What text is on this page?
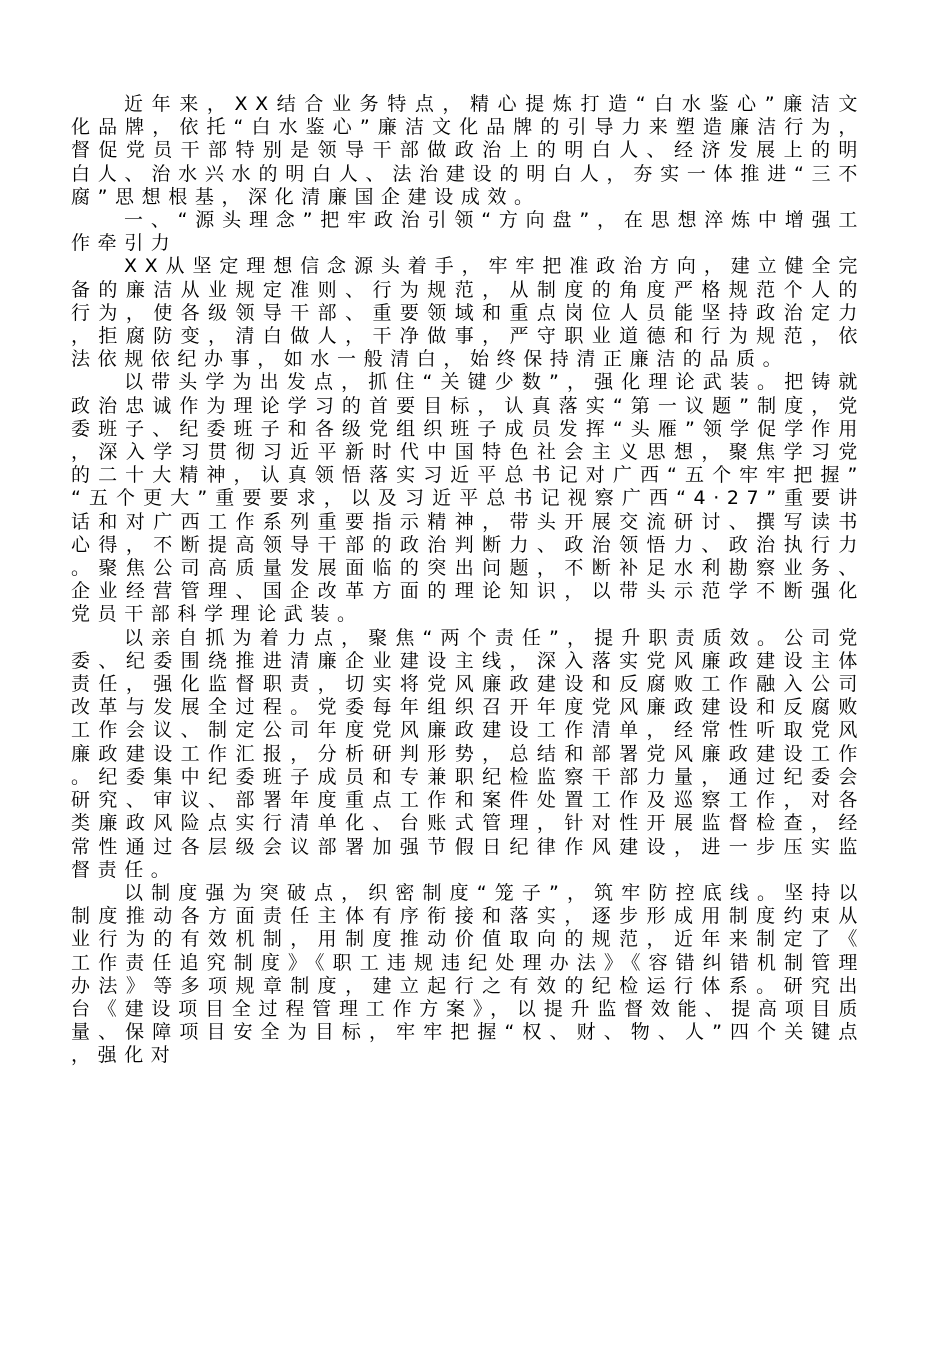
近年来，XX结合业务特点，精心提炼打造“白水鉴心”廉洁文化品牌，依托“白水鉴心”廉洁文化品牌的引导力来塑造廉洁行为，督促党员干部特别是领导干部做政治上的明白人、经济发展上的明白人、治水兴水的明白人、法治建设的明白人，夯实一体推进“三不腐”思想根基，深化清廉国企建设成效。

一、“源头理念”把牢政治引领“方向盘”，在思想淬炼中增强工作牵引力

XX从坚定理想信念源头着手，牢牢把准政治方向，建立健全完备的廉洁从业规定准则、行为规范，从制度的角度严格规范个人的行为，使各级领导干部、重要领域和重点岗位人员能坚持政治定力，拒腐防变，清白做人，干净做事，严守职业道德和行为规范，依法依规依纪办事，如水一般清白，始终保持清正廉洁的品质。

以带头学为出发点，抓住“关键少数”，强化理论武装。把铸就政治忠诚作为理论学习的首要目标，认真落实“第一议题”制度，党委班子、纪委班子和各级党组织班子成员发挥“头雁”领学促学作用，深入学习贯彻习近平新时代中国特色社会主义思想，聚焦学习党的二十大精神，认真领悟落实习近平总书记对广西“五个牢牢把握”“五个更大”重要要求，以及习近平总书记视察广西“4·27”重要讲话和对广西工作系列重要指示精神，带头开展交流研讨、撰写读书心得，不断提高领导干部的政治判断力、政治领悟力、政治执行力。聚焦公司高质量发展面临的突出问题，不断补足水利勘察业务、企业经营管理、国企改革方面的理论知识，以带头示范学不断强化党员干部科学理论武装。

以亲自抓为着力点，聚焦“两个责任”，提升职责质效。公司党委、纪委围绕推进清廉企业建设主线，深入落实党风廉政建设主体责任，强化监督职责，切实将党风廉政建设和反腐败工作融入公司改革与发展全过程。党委每年组织召开年度党风廉政建设和反腐败工作会议、制定公司年度党风廉政建设工作清单，经常性听取党风廉政建设工作汇报，分析研判形势，总结和部署党风廉政建设工作。纪委集中纪委班子成员和专兼职纪检监察干部力量，通过纪委会研究、审议、部署年度重点工作和案件处置工作及巡察工作，对各类廉政风险点实行清单化、台账式管理，针对性开展监督检查，经常性通过各层级会议部署加强节假日纪律作风建设，进一步压实监督责任。

以制度强为突破点，织密制度“笼子”，筑牢防控底线。坚持以制度推动各方面责任主体有序衔接和落实，逐步形成用制度约束从业行为的有效机制，用制度推动价值取向的规范，近年来制定了《工作责任追究制度》《职工违规违纪处理办法》《容错纠错机制管理办法》等多项规章制度，建立起行之有效的纪检运行体系。研究出台《建设项目全过程管理工作方案》，以提升监督效能、提高项目质量、保障项目安全为目标，牢牢把握“权、财、物、人”四个关键点，强化对
